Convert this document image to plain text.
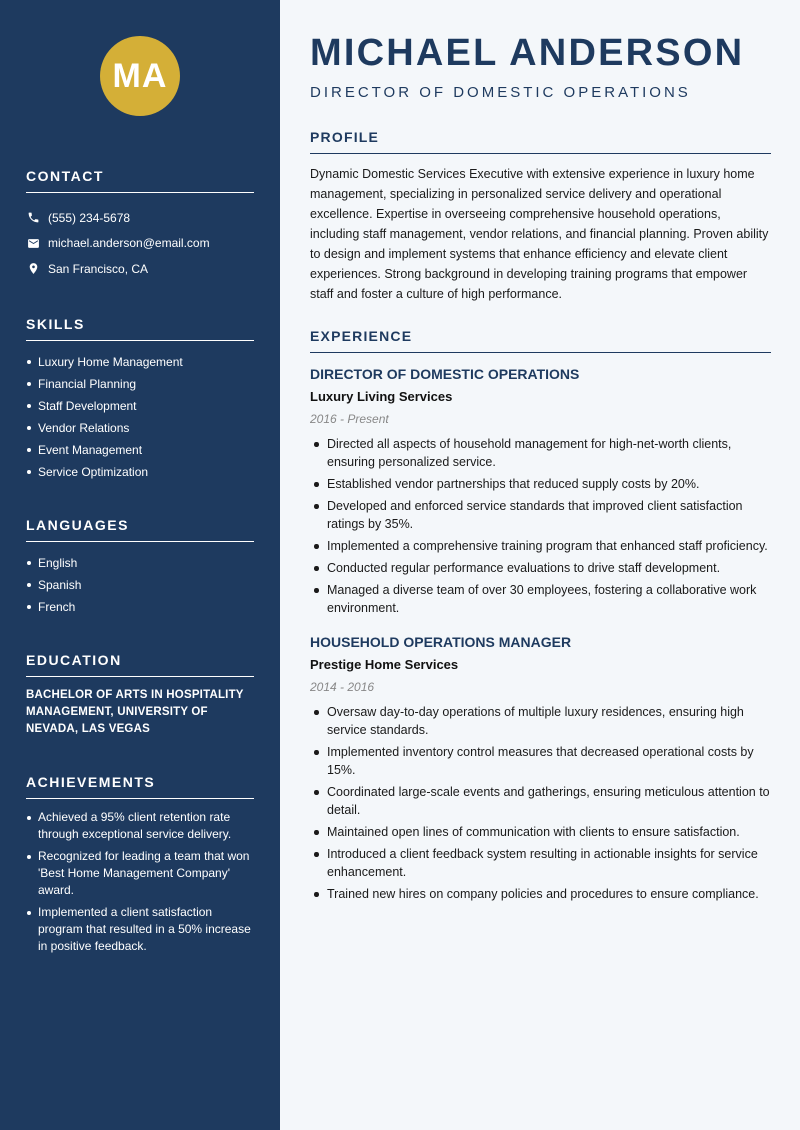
MA
CONTACT
(555) 234-5678
michael.anderson@email.com
San Francisco, CA
SKILLS
Luxury Home Management
Financial Planning
Staff Development
Vendor Relations
Event Management
Service Optimization
LANGUAGES
English
Spanish
French
EDUCATION
BACHELOR OF ARTS IN HOSPITALITY MANAGEMENT, UNIVERSITY OF NEVADA, LAS VEGAS
ACHIEVEMENTS
Achieved a 95% client retention rate through exceptional service delivery.
Recognized for leading a team that won 'Best Home Management Company' award.
Implemented a client satisfaction program that resulted in a 50% increase in positive feedback.
MICHAEL ANDERSON
DIRECTOR OF DOMESTIC OPERATIONS
PROFILE

Dynamic Domestic Services Executive with extensive experience in luxury home management, specializing in personalized service delivery and operational excellence. Expertise in overseeing comprehensive household operations, including staff management, vendor relations, and financial planning. Proven ability to design and implement systems that enhance efficiency and elevate client experiences. Strong background in developing training programs that empower staff and foster a culture of high performance.

EXPERIENCE
DIRECTOR OF DOMESTIC OPERATIONS
Luxury Living Services
2016 - Present
Directed all aspects of household management for high-net-worth clients, ensuring personalized service.
Established vendor partnerships that reduced supply costs by 20%.
Developed and enforced service standards that improved client satisfaction ratings by 35%.
Implemented a comprehensive training program that enhanced staff proficiency.
Conducted regular performance evaluations to drive staff development.
Managed a diverse team of over 30 employees, fostering a collaborative work environment.
HOUSEHOLD OPERATIONS MANAGER
Prestige Home Services
2014 - 2016
Oversaw day-to-day operations of multiple luxury residences, ensuring high service standards.
Implemented inventory control measures that decreased operational costs by 15%.
Coordinated large-scale events and gatherings, ensuring meticulous attention to detail.
Maintained open lines of communication with clients to ensure satisfaction.
Introduced a client feedback system resulting in actionable insights for service enhancement.
Trained new hires on company policies and procedures to ensure compliance.
